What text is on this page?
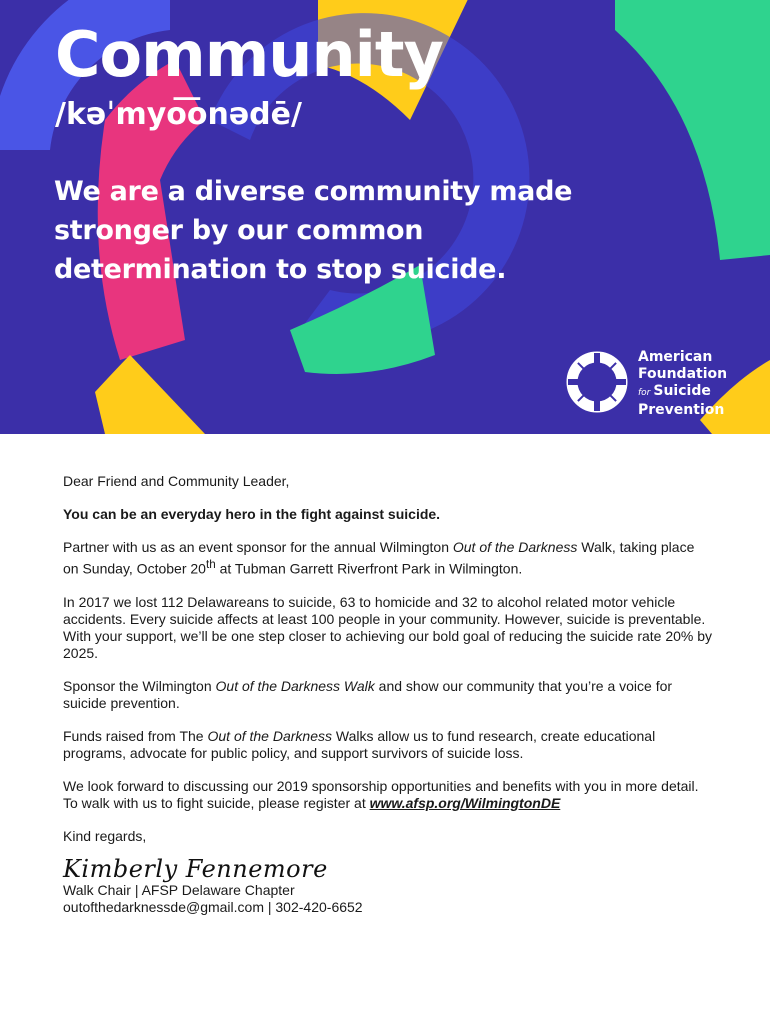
Community
/kəˈmyo͞onədē/
We are a diverse community made stronger by our common determination to stop suicide.
American
Foundation
for Suicide
Prevention

Dear Friend and Community Leader,

You can be an everyday hero in the fight against suicide.

Partner with us as an event sponsor for the annual Wilmington Out of the Darkness Walk, taking place on Sunday, October 20th at Tubman Garrett Riverfront Park in Wilmington.

In 2017 we lost 112 Delawareans to suicide, 63 to homicide and 32 to alcohol related motor vehicle accidents. Every suicide affects at least 100 people in your community. However, suicide is preventable. With your support, we’ll be one step closer to achieving our bold goal of reducing the suicide rate 20% by 2025.

Sponsor the Wilmington Out of the Darkness Walk and show our community that you’re a voice for suicide prevention.

Funds raised from The Out of the Darkness Walks allow us to fund research, create educational programs, advocate for public policy, and support survivors of suicide loss.

We look forward to discussing our 2019 sponsorship opportunities and benefits with you in more detail. To walk with us to fight suicide, please register at www.afsp.org/WilmingtonDE

Kind regards,

Kimberly Fennemore

Walk Chair | AFSP Delaware Chapter

outofthedarknessde@gmail.com | 302-420-6652
